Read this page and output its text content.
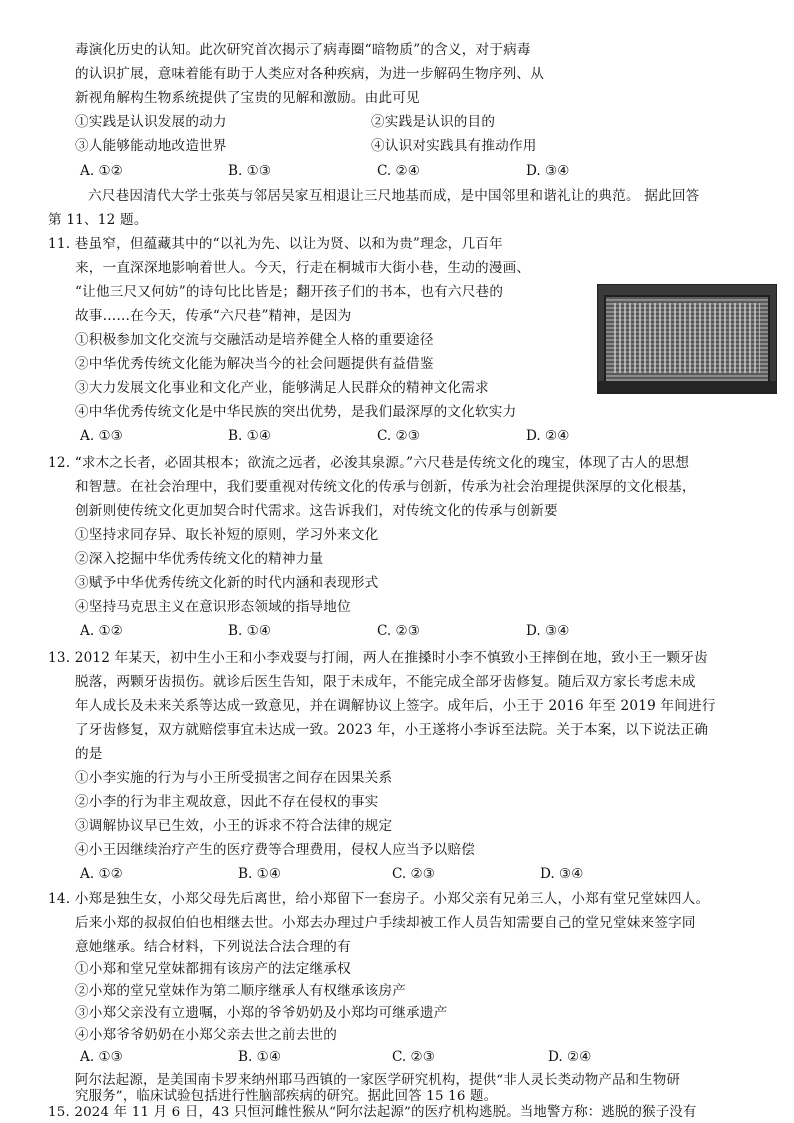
毒演化历史的认知。此次研究首次揭示了病毒圈“暗物质”的含义，对于病毒
的认识扩展，意味着能有助于人类应对各种疾病，为进一步解码生物序列、从
新视角解构生物系统提供了宝贵的见解和激励。由此可见
①实践是认识发展的动力	②实践是认识的目的
③人能够能动地改造世界	④认识对实践具有推动作用
A. ①②	B. ①③	C. ②④	D. ③④
六尺巷因清代大学士张英与邻居吴家互相退让三尺地基而成，是中国邻里和谐礼让的典范。 据此回答
第 11、12 题。
11. 巷虽窄，但蕴藏其中的“以礼为先、以让为贤、以和为贵”理念，几百年
来，一直深深地影响着世人。今天，行走在桐城市大街小巷，生动的漫画、
“让他三尺又何妨”的诗句比比皆是；翻开孩子们的书本，也有六尺巷的
故事……在今天，传承“六尺巷”精神，是因为
①积极参加文化交流与交融活动是培养健全人格的重要途径
②中华优秀传统文化能为解决当今的社会问题提供有益借鉴
③大力发展文化事业和文化产业，能够满足人民群众的精神文化需求
④中华优秀传统文化是中华民族的突出优势，是我们最深厚的文化软实力
A. ①③	B. ①④	C. ②③	D. ②④
12. “求木之长者，必固其根本；欲流之远者，必浚其泉源。”六尺巷是传统文化的瑰宝，体现了古人的思想
和智慧。在社会治理中，我们要重视对传统文化的传承与创新，传承为社会治理提供深厚的文化根基，
创新则使传统文化更加契合时代需求。这告诉我们，对传统文化的传承与创新要
①坚持求同存异、取长补短的原则，学习外来文化
②深入挖掘中华优秀传统文化的精神力量
③赋予中华优秀传统文化新的时代内涵和表现形式
④坚持马克思主义在意识形态领域的指导地位
A. ①②	B. ①④	C. ②③	D. ③④
13. 2012 年某天，初中生小王和小李戏耍与打闹，两人在推搡时小李不慎致小王摔倒在地，致小王一颗牙齿
脱落，两颗牙齿损伤。就诊后医生告知，限于未成年，不能完成全部牙齿修复。随后双方家长考虑未成
年人成长及未来关系等达成一致意见，并在调解协议上签字。成年后，小王于 2016 年至 2019 年间进行
了牙齿修复，双方就赔偿事宜未达成一致。2023 年，小王遂将小李诉至法院。关于本案，以下说法正确
的是
①小李实施的行为与小王所受损害之间存在因果关系
②小李的行为非主观故意，因此不存在侵权的事实
③调解协议早已生效，小王的诉求不符合法律的规定
④小王因继续治疗产生的医疗费等合理费用，侵权人应当予以赔偿
A. ①②	B. ①④	C. ②③	D. ③④
14. 小郑是独生女，小郑父母先后离世，给小郑留下一套房子。小郑父亲有兄弟三人，小郑有堂兄堂妹四人。
后来小郑的叔叔伯伯也相继去世。小郑去办理过户手续却被工作人员告知需要自己的堂兄堂妹来签字同
意她继承。结合材料，下列说法合法合理的有
①小郑和堂兄堂妹都拥有该房产的法定继承权
②小郑的堂兄堂妹作为第二顺序继承人有权继承该房产
③小郑父亲没有立遗嘱，小郑的爷爷奶奶及小郑均可继承遗产
④小郑爷爷奶奶在小郑父亲去世之前去世的
A. ①③	B. ①④	C. ②③	D. ②④
阿尔法起源，是美国南卡罗来纳州耶马西镇的一家医学研究机构，提供“非人灵长类动物产品和生物研
究服务”，临床试验包括进行性脑部疾病的研究。据此回答 15 16 题。
15. 2024 年 11 月 6 日，43 只恒河雌性猴从“阿尔法起源”的医疗机构逃脱。当地警方称：逃脱的猴子没有
